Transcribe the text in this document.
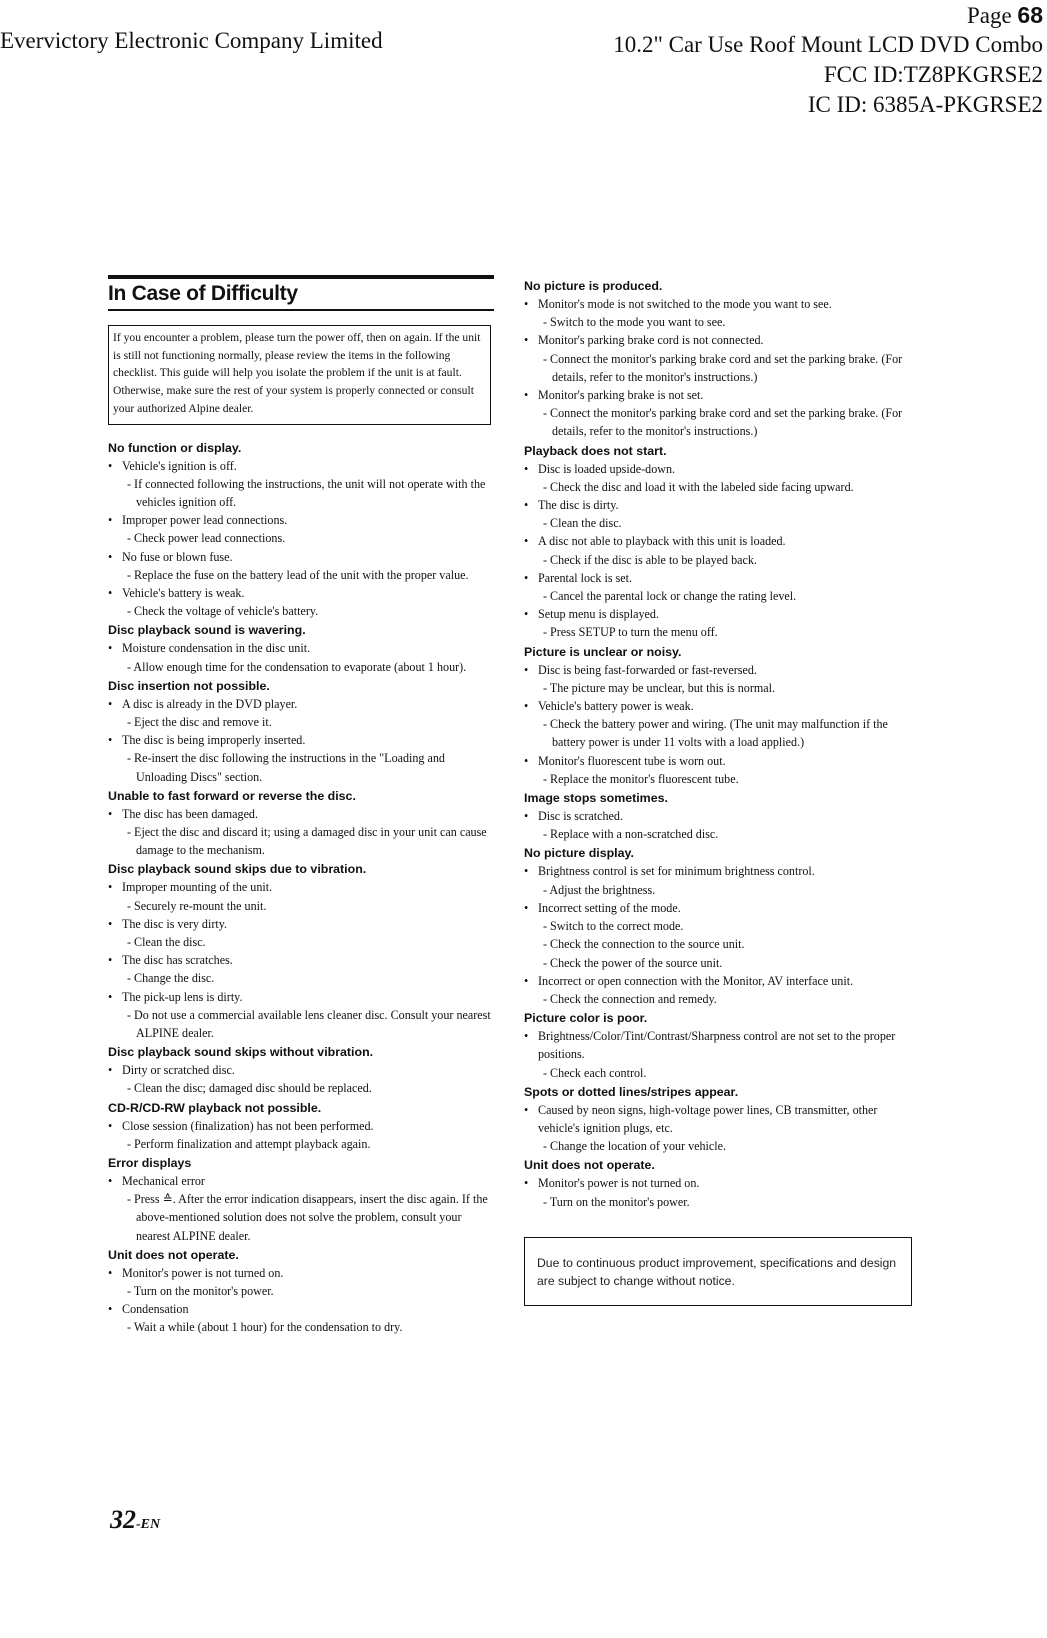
Evervictory Electronic Company Limited
Page 68
10.2" Car Use Roof Mount LCD DVD Combo
FCC ID:TZ8PKGRSE2
IC ID: 6385A-PKGRSE2
In Case of Difficulty
If you encounter a problem, please turn the power off, then on again. If the unit is still not functioning normally, please review the items in the following checklist. This guide will help you isolate the problem if the unit is at fault. Otherwise, make sure the rest of your system is properly connected or consult your authorized Alpine dealer.
No function or display.
• Vehicle's ignition is off.
- If connected following the instructions, the unit will not operate with the vehicles ignition off.
• Improper power lead connections.
- Check power lead connections.
• No fuse or blown fuse.
- Replace the fuse on the battery lead of the unit with the proper value.
• Vehicle's battery is weak.
- Check the voltage of vehicle's battery.
Disc playback sound is wavering.
• Moisture condensation in the disc unit.
- Allow enough time for the condensation to evaporate (about 1 hour).
Disc insertion not possible.
• A disc is already in the DVD player.
- Eject the disc and remove it.
• The disc is being improperly inserted.
- Re-insert the disc following the instructions in the "Loading and Unloading Discs" section.
Unable to fast forward or reverse the disc.
• The disc has been damaged.
- Eject the disc and discard it; using a damaged disc in your unit can cause damage to the mechanism.
Disc playback sound skips due to vibration.
• Improper mounting of the unit.
- Securely re-mount the unit.
• The disc is very dirty.
- Clean the disc.
• The disc has scratches.
- Change the disc.
• The pick-up lens is dirty.
- Do not use a commercial available lens cleaner disc. Consult your nearest ALPINE dealer.
Disc playback sound skips without vibration.
• Dirty or scratched disc.
- Clean the disc; damaged disc should be replaced.
CD-R/CD-RW playback not possible.
• Close session (finalization) has not been performed.
- Perform finalization and attempt playback again.
Error displays
• Mechanical error
- Press ≙. After the error indication disappears, insert the disc again. If the above-mentioned solution does not solve the problem, consult your nearest ALPINE dealer.
Unit does not operate.
• Monitor's power is not turned on.
- Turn on the monitor's power.
• Condensation
- Wait a while (about 1 hour) for the condensation to dry.
No picture is produced.
• Monitor's mode is not switched to the mode you want to see.
- Switch to the mode you want to see.
• Monitor's parking brake cord is not connected.
- Connect the monitor's parking brake cord and set the parking brake. (For details, refer to the monitor's instructions.)
• Monitor's parking brake is not set.
- Connect the monitor's parking brake cord and set the parking brake. (For details, refer to the monitor's instructions.)
Playback does not start.
• Disc is loaded upside-down.
- Check the disc and load it with the labeled side facing upward.
• The disc is dirty.
- Clean the disc.
• A disc not able to playback with this unit is loaded.
- Check if the disc is able to be played back.
• Parental lock is set.
- Cancel the parental lock or change the rating level.
• Setup menu is displayed.
- Press SETUP to turn the menu off.
Picture is unclear or noisy.
• Disc is being fast-forwarded or fast-reversed.
- The picture may be unclear, but this is normal.
• Vehicle's battery power is weak.
- Check the battery power and wiring. (The unit may malfunction if the battery power is under 11 volts with a load applied.)
• Monitor's fluorescent tube is worn out.
- Replace the monitor's fluorescent tube.
Image stops sometimes.
• Disc is scratched.
- Replace with a non-scratched disc.
No picture display.
• Brightness control is set for minimum brightness control.
- Adjust the brightness.
• Incorrect setting of the mode.
- Switch to the correct mode.
- Check the connection to the source unit.
- Check the power of the source unit.
• Incorrect or open connection with the Monitor, AV interface unit.
- Check the connection and remedy.
Picture color is poor.
• Brightness/Color/Tint/Contrast/Sharpness control are not set to the proper positions.
- Check each control.
Spots or dotted lines/stripes appear.
• Caused by neon signs, high-voltage power lines, CB transmitter, other vehicle's ignition plugs, etc.
- Change the location of your vehicle.
Unit does not operate.
• Monitor's power is not turned on.
- Turn on the monitor's power.
Due to continuous product improvement, specifications and design are subject to change without notice.
32-EN
